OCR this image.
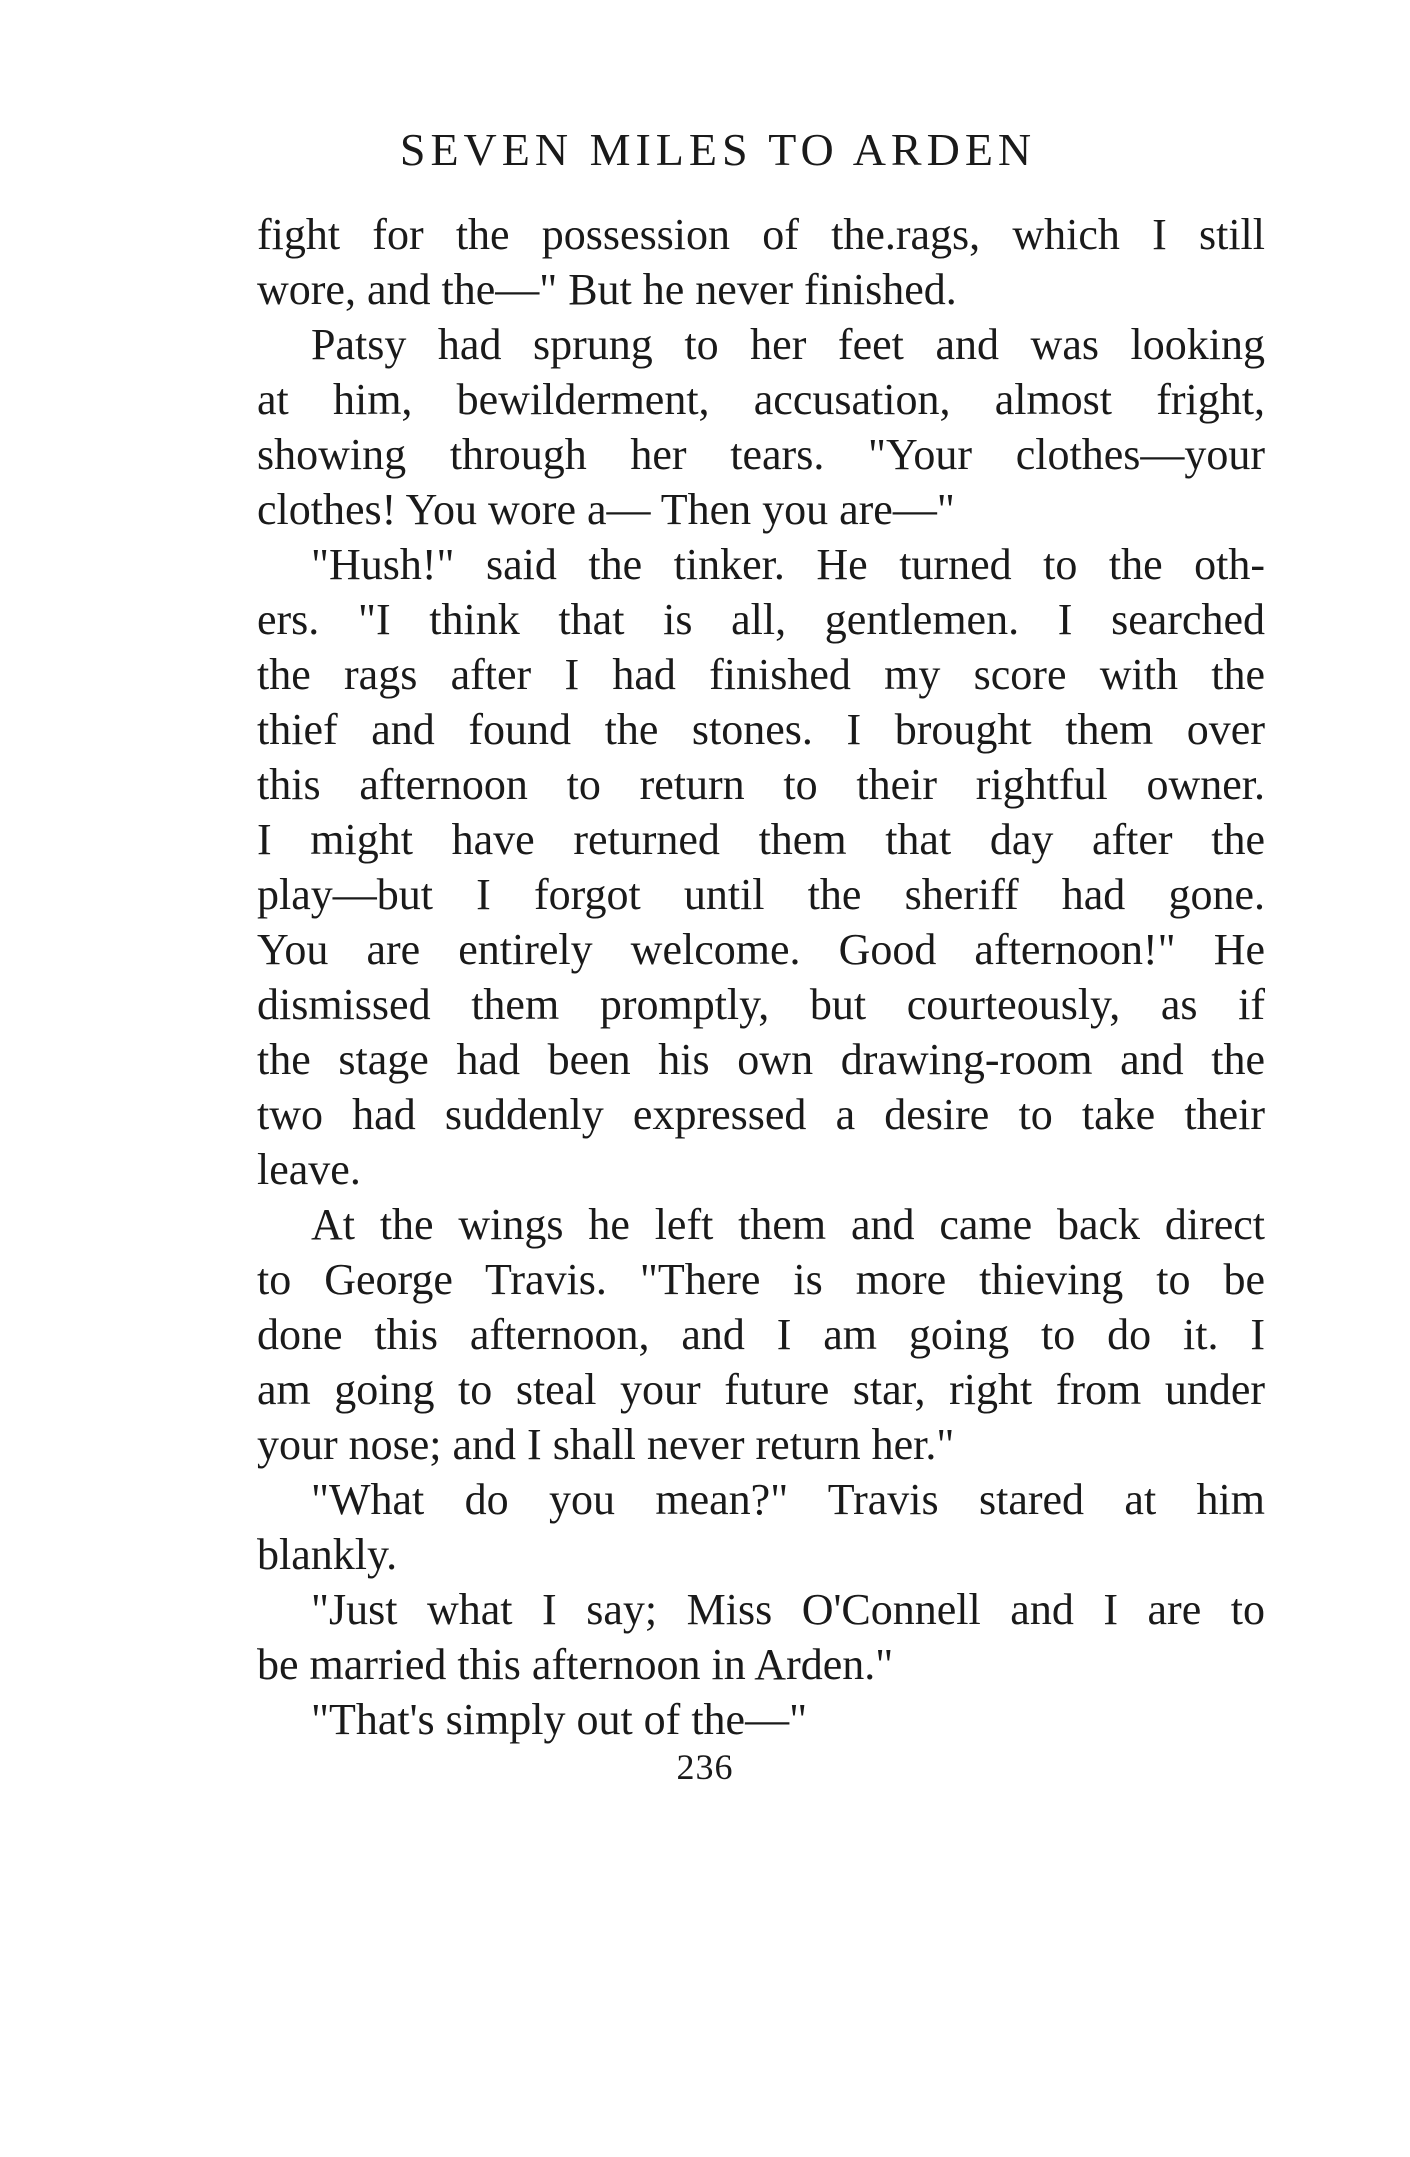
SEVEN MILES TO ARDEN
fight for the possession of the.rags, which I still
wore, and the—" But he never finished.
Patsy had sprung to her feet and was looking
at him, bewilderment, accusation, almost fright,
showing through her tears. "Your clothes—your
clothes! You wore a— Then you are—"
"Hush!" said the tinker. He turned to the oth-
ers. "I think that is all, gentlemen. I searched
the rags after I had finished my score with the
thief and found the stones. I brought them over
this afternoon to return to their rightful owner.
I might have returned them that day after the
play—but I forgot until the sheriff had gone.
You are entirely welcome. Good afternoon!" He
dismissed them promptly, but courteously, as if
the stage had been his own drawing-room and the
two had suddenly expressed a desire to take their
leave.
At the wings he left them and came back direct
to George Travis. "There is more thieving to be
done this afternoon, and I am going to do it. I
am going to steal your future star, right from under
your nose; and I shall never return her."
"What do you mean?" Travis stared at him
blankly.
"Just what I say; Miss O'Connell and I are to
be married this afternoon in Arden."
"That's simply out of the—"
236
